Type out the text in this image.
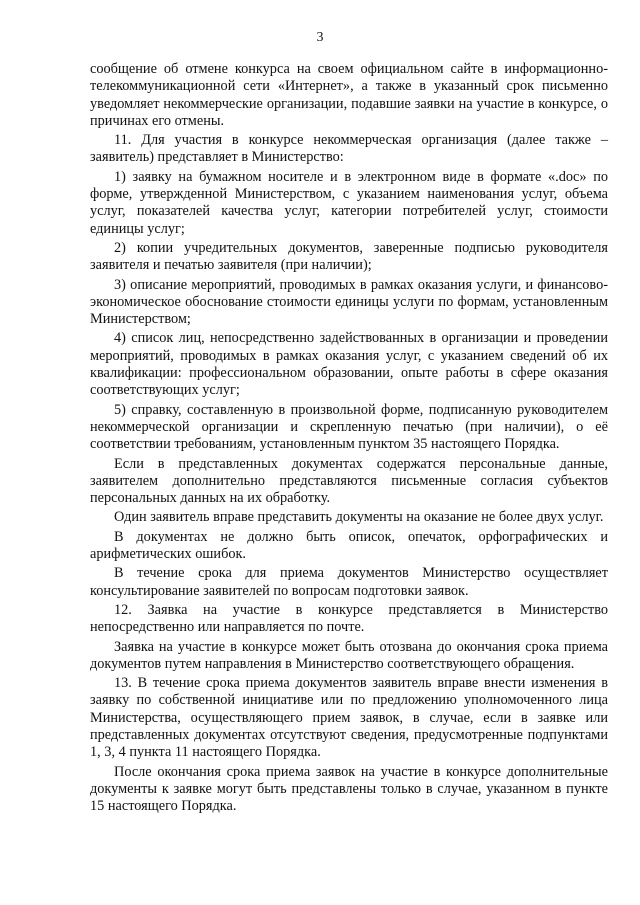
3

сообщение об отмене конкурса на своем официальном сайте в информационно-телекоммуникационной сети «Интернет», а также в указанный срок письменно уведомляет некоммерческие организации, подавшие заявки на участие в конкурсе, о причинах его отмены.

11. Для участия в конкурсе некоммерческая организация (далее также – заявитель) представляет в Министерство:

1) заявку на бумажном носителе и в электронном виде в формате «.doc» по форме, утвержденной Министерством, с указанием наименования услуг, объема услуг, показателей качества услуг, категории потребителей услуг, стоимости единицы услуг;

2) копии учредительных документов, заверенные подписью руководителя заявителя и печатью заявителя (при наличии);

3) описание мероприятий, проводимых в рамках оказания услуги, и финансово-экономическое обоснование стоимости единицы услуги по формам, установленным Министерством;

4) список лиц, непосредственно задействованных в организации и проведении мероприятий, проводимых в рамках оказания услуг, с указанием сведений об их квалификации: профессиональном образовании, опыте работы в сфере оказания соответствующих услуг;

5) справку, составленную в произвольной форме, подписанную руководителем некоммерческой организации и скрепленную печатью (при наличии), о её соответствии требованиям, установленным пунктом 35 настоящего Порядка.

Если в представленных документах содержатся персональные данные, заявителем дополнительно представляются письменные согласия субъектов персональных данных на их обработку.

Один заявитель вправе представить документы на оказание не более двух услуг.

В документах не должно быть описок, опечаток, орфографических и арифметических ошибок.

В течение срока для приема документов Министерство осуществляет консультирование заявителей по вопросам подготовки заявок.

12. Заявка на участие в конкурсе представляется в Министерство непосредственно или направляется по почте.

Заявка на участие в конкурсе может быть отозвана до окончания срока приема документов путем направления в Министерство соответствующего обращения.

13. В течение срока приема документов заявитель вправе внести изменения в заявку по собственной инициативе или по предложению уполномоченного лица Министерства, осуществляющего прием заявок, в случае, если в заявке или представленных документах отсутствуют сведения, предусмотренные подпунктами 1, 3, 4 пункта 11 настоящего Порядка.

После окончания срока приема заявок на участие в конкурсе дополнительные документы к заявке могут быть представлены только в случае, указанном в пункте 15 настоящего Порядка.
